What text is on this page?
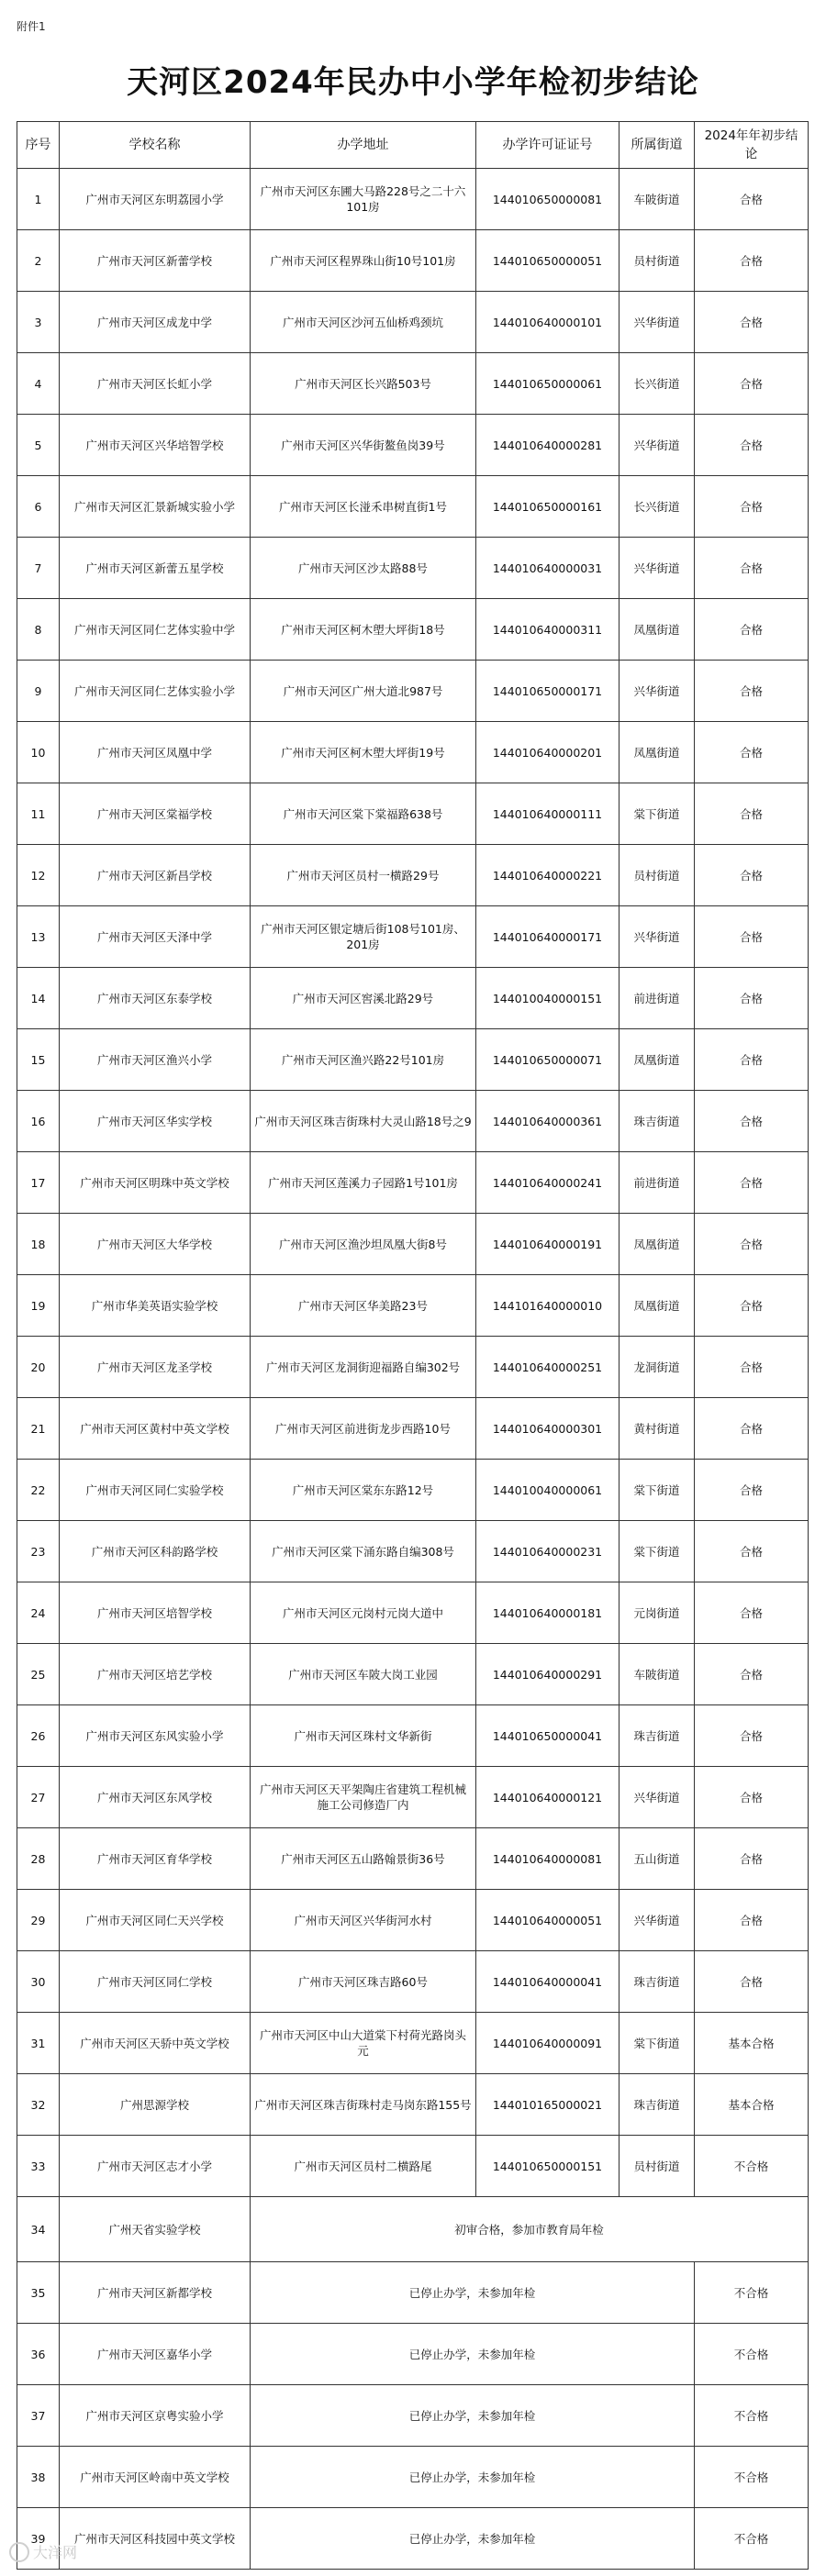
附件1
天河区2024年民办中小学年检初步结论
序号	学校名称	办学地址	办学许可证证号	所属街道	2024年年初步结论
1	广州市天河区东明荔园小学	广州市天河区东圃大马路228号之二十六101房	144010650000081	车陂街道	合格
2	广州市天河区新蕾学校	广州市天河区程界珠山街10号101房	144010650000051	员村街道	合格
3	广州市天河区成龙中学	广州市天河区沙河五仙桥鸡颈坑	144010640000101	兴华街道	合格
4	广州市天河区长虹小学	广州市天河区长兴路503号	144010650000061	长兴街道	合格
5	广州市天河区兴华培智学校	广州市天河区兴华街鳌鱼岗39号	144010640000281	兴华街道	合格
6	广州市天河区汇景新城实验小学	广州市天河区长湴禾串树直街1号	144010650000161	长兴街道	合格
7	广州市天河区新蕾五星学校	广州市天河区沙太路88号	144010640000031	兴华街道	合格
8	广州市天河区同仁艺体实验中学	广州市天河区柯木塱大坪街18号	144010640000311	凤凰街道	合格
9	广州市天河区同仁艺体实验小学	广州市天河区广州大道北987号	144010650000171	兴华街道	合格
10	广州市天河区凤凰中学	广州市天河区柯木塱大坪街19号	144010640000201	凤凰街道	合格
11	广州市天河区棠福学校	广州市天河区棠下棠福路638号	144010640000111	棠下街道	合格
12	广州市天河区新昌学校	广州市天河区员村一横路29号	144010640000221	员村街道	合格
13	广州市天河区天泽中学	广州市天河区银定塘后街108号101房、201房	144010640000171	兴华街道	合格
14	广州市天河区东泰学校	广州市天河区窖溪北路29号	144010040000151	前进街道	合格
15	广州市天河区渔兴小学	广州市天河区渔兴路22号101房	144010650000071	凤凰街道	合格
16	广州市天河区华实学校	广州市天河区珠吉街珠村大灵山路18号之9	144010640000361	珠吉街道	合格
17	广州市天河区明珠中英文学校	广州市天河区莲溪力子园路1号101房	144010640000241	前进街道	合格
18	广州市天河区大华学校	广州市天河区渔沙坦凤凰大街8号	144010640000191	凤凰街道	合格
19	广州市华美英语实验学校	广州市天河区华美路23号	144101640000010	凤凰街道	合格
20	广州市天河区龙圣学校	广州市天河区龙洞街迎福路自编302号	144010640000251	龙洞街道	合格
21	广州市天河区黄村中英文学校	广州市天河区前进街龙步西路10号	144010640000301	黄村街道	合格
22	广州市天河区同仁实验学校	广州市天河区棠东东路12号	144010040000061	棠下街道	合格
23	广州市天河区科韵路学校	广州市天河区棠下涌东路自编308号	144010640000231	棠下街道	合格
24	广州市天河区培智学校	广州市天河区元岗村元岗大道中	144010640000181	元岗街道	合格
25	广州市天河区培艺学校	广州市天河区车陂大岗工业园	144010640000291	车陂街道	合格
26	广州市天河区东风实验小学	广州市天河区珠村文华新街	144010650000041	珠吉街道	合格
27	广州市天河区东风学校	广州市天河区天平架陶庄省建筑工程机械施工公司修造厂内	144010640000121	兴华街道	合格
28	广州市天河区育华学校	广州市天河区五山路翰景街36号	144010640000081	五山街道	合格
29	广州市天河区同仁天兴学校	广州市天河区兴华街河水村	144010640000051	兴华街道	合格
30	广州市天河区同仁学校	广州市天河区珠吉路60号	144010640000041	珠吉街道	合格
31	广州市天河区天骄中英文学校	广州市天河区中山大道棠下村荷光路岗头元	144010640000091	棠下街道	基本合格
32	广州思源学校	广州市天河区珠吉街珠村走马岗东路155号	144010165000021	珠吉街道	基本合格
33	广州市天河区志才小学	广州市天河区员村二横路尾	144010650000151	员村街道	不合格
34	广州天省实验学校	初审合格，参加市教育局年检			
35	广州市天河区新都学校	已停止办学，未参加年检			不合格
36	广州市天河区嘉华小学	已停止办学，未参加年检			不合格
37	广州市天河区京粤实验小学	已停止办学，未参加年检			不合格
38	广州市天河区岭南中英文学校	已停止办学，未参加年检			不合格
39	广州市天河区科技园中英文学校	已停止办学，未参加年检			不合格
大洋网
